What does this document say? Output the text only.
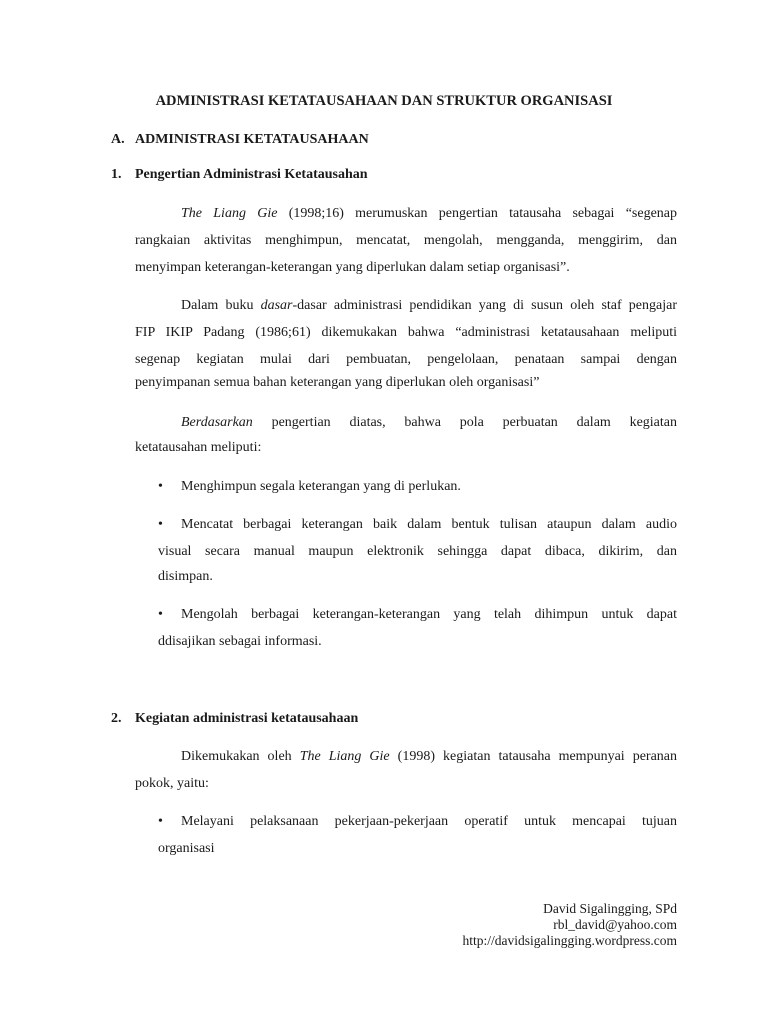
ADMINISTRASI KETATAUSAHAAN DAN STRUKTUR ORGANISASI
A. ADMINISTRASI KETATAUSAHAAN
1. Pengertian Administrasi Ketatausahan
The Liang Gie (1998;16) merumuskan pengertian tatausaha sebagai “segenap
rangkaian aktivitas menghimpun, mencatat, mengolah, mengganda, menggirim, dan
menyimpan keterangan-keterangan yang diperlukan dalam setiap organisasi”.
Dalam buku dasar-dasar administrasi pendidikan yang di susun oleh staf pengajar
FIP IKIP Padang (1986;61) dikemukakan bahwa “administrasi ketatausahaan meliputi
segenap kegiatan mulai dari pembuatan, pengelolaan, penataan sampai dengan
penyimpanan semua bahan keterangan yang diperlukan oleh organisasi”
Berdasarkan pengertian diatas, bahwa pola perbuatan dalam kegiatan
ketatausahan meliputi:
• Menghimpun segala keterangan yang di perlukan.
• Mencatat berbagai keterangan baik dalam bentuk tulisan ataupun dalam audio
visual secara manual maupun elektronik sehingga dapat dibaca, dikirim, dan
disimpan.
• Mengolah berbagai keterangan-keterangan yang telah dihimpun untuk dapat
ddisajikan sebagai informasi.
2. Kegiatan administrasi ketatausahaan
Dikemukakan oleh The Liang Gie (1998) kegiatan tatausaha mempunyai peranan
pokok, yaitu:
• Melayani pelaksanaan pekerjaan-pekerjaan operatif untuk mencapai tujuan
organisasi
David Sigalingging, SPd
rbl_david@yahoo.com
http://davidsigalingging.wordpress.com
